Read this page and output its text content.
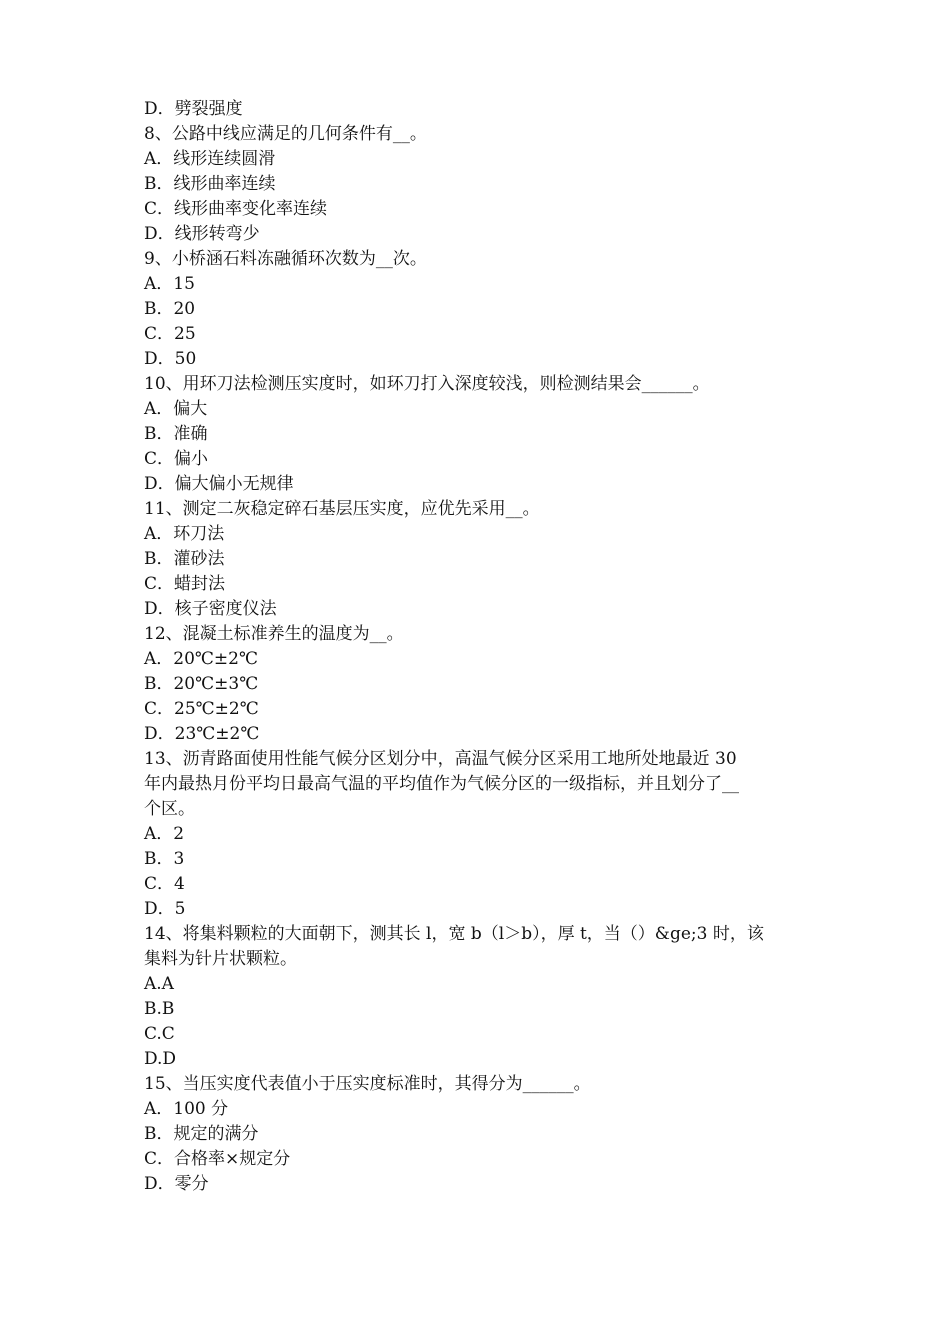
D．劈裂强度
8、公路中线应满足的几何条件有__。
A．线形连续圆滑
B．线形曲率连续
C．线形曲率变化率连续
D．线形转弯少
9、小桥涵石料冻融循环次数为__次。
A．15
B．20
C．25
D．50
10、用环刀法检测压实度时，如环刀打入深度较浅，则检测结果会______。
A．偏大
B．准确
C．偏小
D．偏大偏小无规律
11、测定二灰稳定碎石基层压实度，应优先采用__。
A．环刀法
B．灌砂法
C．蜡封法
D．核子密度仪法
12、混凝土标准养生的温度为__。
A．20℃±2℃
B．20℃±3℃
C．25℃±2℃
D．23℃±2℃
13、沥青路面使用性能气候分区划分中，高温气候分区采用工地所处地最近 30
年内最热月份平均日最高气温的平均值作为气候分区的一级指标，并且划分了__
个区。
A．2
B．3
C．4
D．5
14、将集料颗粒的大面朝下，测其长 l，宽 b（l＞b），厚 t，当（）&ge;3 时，该
集料为针片状颗粒。
A.A
B.B
C.C
D.D
15、当压实度代表值小于压实度标准时，其得分为______。
A．100 分
B．规定的满分
C．合格率×规定分
D．零分
